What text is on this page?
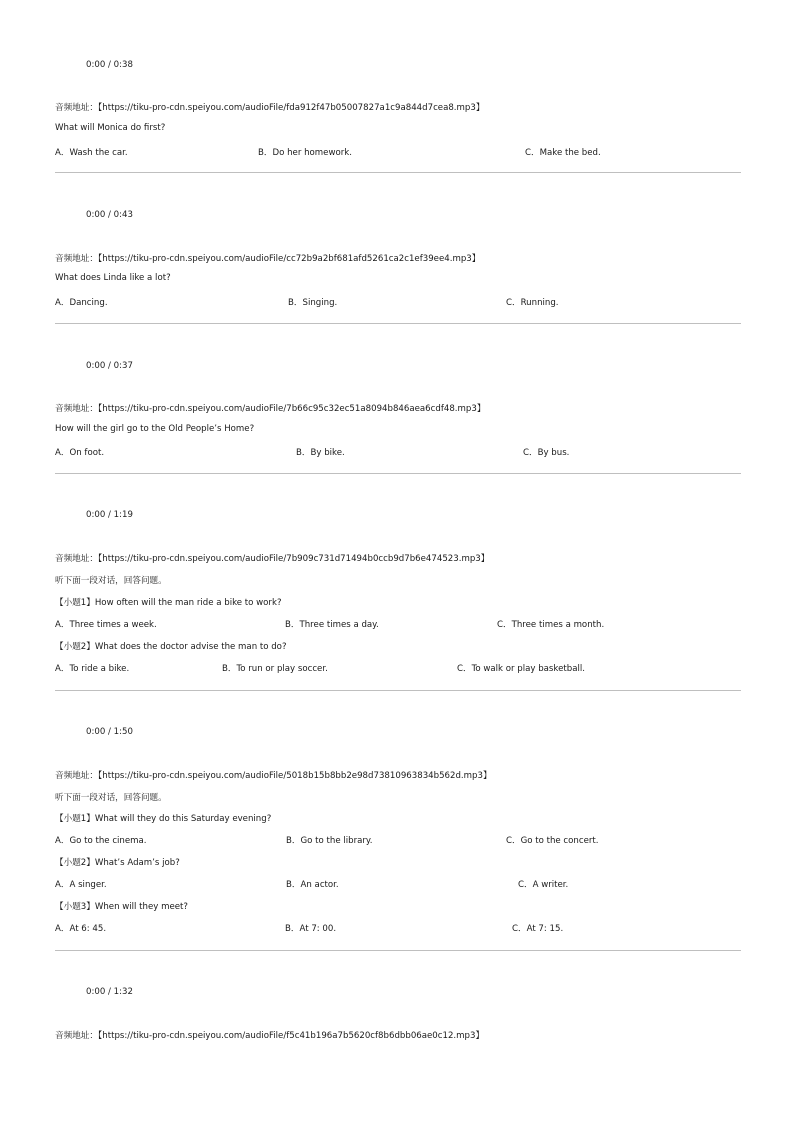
0:00 / 0:38
音频地址：【https://tiku-pro-cdn.speiyou.com/audioFile/fda912f47b05007827a1c9a844d7cea8.mp3】
What will Monica do first?
A．Wash the car.	B．Do her homework.	C．Make the bed.
0:00 / 0:43
音频地址：【https://tiku-pro-cdn.speiyou.com/audioFile/cc72b9a2bf681afd5261ca2c1ef39ee4.mp3】
What does Linda like a lot?
A．Dancing.	B．Singing.	C．Running.
0:00 / 0:37
音频地址：【https://tiku-pro-cdn.speiyou.com/audioFile/7b66c95c32ec51a8094b846aea6cdf48.mp3】
How will the girl go to the Old People’s Home?
A．On foot.	B．By bike.	C．By bus.
0:00 / 1:19
音频地址：【https://tiku-pro-cdn.speiyou.com/audioFile/7b909c731d71494b0ccb9d7b6e474523.mp3】
听下面一段对话，回答问题。
【小题1】How often will the man ride a bike to work?
A．Three times a week.	B．Three times a day.	C．Three times a month.
【小题2】What does the doctor advise the man to do?
A．To ride a bike.	B．To run or play soccer.	C．To walk or play basketball.
0:00 / 1:50
音频地址：【https://tiku-pro-cdn.speiyou.com/audioFile/5018b15b8bb2e98d73810963834b562d.mp3】
听下面一段对话，回答问题。
【小题1】What will they do this Saturday evening?
A．Go to the cinema.	B．Go to the library.	C．Go to the concert.
【小题2】What’s Adam’s job?
A．A singer.	B．An actor.	C．A writer.
【小题3】When will they meet?
A．At 6: 45.	B．At 7: 00.	C．At 7: 15.
0:00 / 1:32
音频地址：【https://tiku-pro-cdn.speiyou.com/audioFile/f5c41b196a7b5620cf8b6dbb06ae0c12.mp3】
